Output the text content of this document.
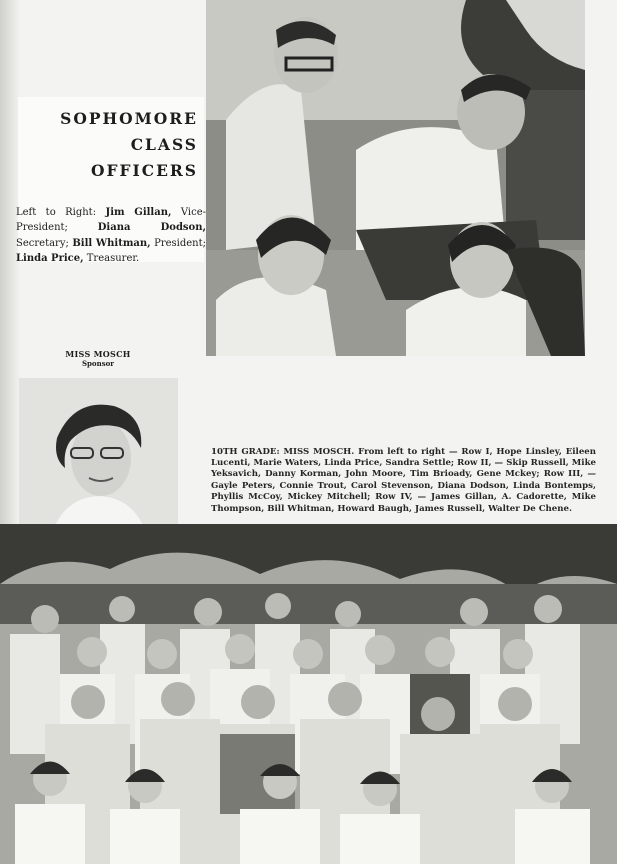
SOPHOMORE
CLASS
OFFICERS

Left to Right: Jim Gillan, Vice-President;	Diana Dodson, Secretary; Bill Whitman, President; Linda Price, Treasurer.

MISS MOSCH
Sponsor

10TH GRADE: MISS MOSCH. From left to right — Row I, Hope Linsley, Eileen Lucenti, Marie Waters, Linda Price, Sandra Settle; Row II, — Skip Russell, Mike Yeksavich, Danny Korman, John Moore, Tim Brioady, Gene Mckey; Row III, — Gayle Peters, Connie Trout, Carol Stevenson, Diana Dodson, Linda Bontemps, Phyllis McCoy, Mickey Mitchell; Row IV, — James Gillan, A. Cadorette, Mike Thompson, Bill Whitman, Howard Baugh, James Russell, Walter De Chene.
